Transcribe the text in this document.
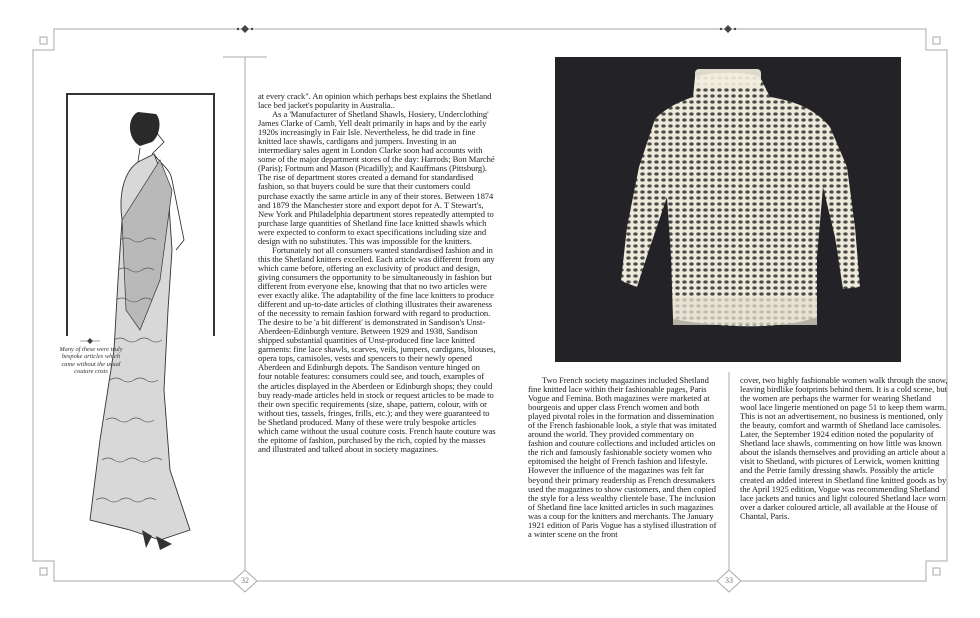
32	33
Many of these were truly bespoke articles which came without the usual couture costs

at every crack". An opinion which perhaps best explains the Shetland lace bed jacket's popularity in Australia..

As a 'Manufacturer of Shetland Shawls, Hosiery, Underclothing' James Clarke of Camb, Yell dealt primarily in haps and by the early 1920s increasingly in Fair Isle. Nevertheless, he did trade in fine knitted lace shawls, cardigans and jumpers. Investing in an intermediary sales agent in London Clarke soon had accounts with some of the major department stores of the day: Harrods; Bon Marché (Paris); Fortnum and Mason (Picadilly); and Kauffmans (Pittsburg). The rise of department stores created a demand for standardised fashion, so that buyers could be sure that their customers could purchase exactly the same article in any of their stores. Between 1874 and 1879 the Manchester store and export depot for A. T Stewart's, New York and Philadelphia department stores repeatedly attempted to purchase large quantities of Shetland fine lace knitted shawls which were expected to conform to exact specifications including size and design with no substitutes. This was impossible for the knitters.

Fortunately not all consumers wanted standardised fashion and in this the Shetland knitters excelled. Each article was different from any which came before, offering an exclusivity of product and design, giving consumers the opportunity to be simultaneously in fashion but different from everyone else, knowing that that no two articles were ever exactly alike. The adaptability of the fine lace knitters to produce different and up-to-date articles of clothing illustrates their awareness of the necessity to remain fashion forward with regard to production. The desire to be 'a bit different' is demonstrated in Sandison's Unst-Aberdeen-Edinburgh venture. Between 1929 and 1938, Sandison shipped substantial quantities of Unst-produced fine lace knitted garments: fine lace shawls, scarves, veils, jumpers, cardigans, blouses, opera tops, camisoles, vests and spencers to their newly opened Aberdeen and Edinburgh depots. The Sandison venture hinged on four notable features: consumers could see, and touch, examples of the articles displayed in the Aberdeen or Edinburgh shops; they could buy ready-made articles held in stock or request articles to be made to their own specific requirements (size, shape, pattern, colour, with or without ties, tassels, fringes, frills, etc.); and they were guaranteed to be Shetland produced. Many of these were truly bespoke articles which came without the usual couture costs. French haute couture was the epitome of fashion, purchased by the rich, copied by the masses and illustrated and talked about in society magazines.

Two French society magazines included Shetland fine knitted lace within their fashionable pages, Paris Vogue and Femina. Both magazines were marketed at bourgeois and upper class French women and both played pivotal roles in the formation and dissemination of the French fashionable look, a style that was imitated around the world. They provided commentary on fashion and couture collections and included articles on the rich and famously fashionable society women who epitomised the height of French fashion and lifestyle. However the influence of the magazines was felt far beyond their primary readership as French dressmakers used the magazines to show customers, and then copied the style for a less wealthy clientele base. The inclusion of Shetland fine lace knitted articles in such magazines was a coup for the knitters and merchants. The January 1921 edition of Paris Vogue has a stylised illustration of a winter scene on the front

cover, two highly fashionable women walk through the snow, leaving birdlike footprints behind them. It is a cold scene, but the women are perhaps the warmer for wearing Shetland wool lace lingerie mentioned on page 51 to keep them warm. This is not an advertisement, no business is mentioned, only the beauty, comfort and warmth of Shetland lace camisoles. Later, the September 1924 edition noted the popularity of Shetland lace shawls, commenting on how little was known about the islands themselves and providing an article about a visit to Shetland, with pictures of Lerwick, women knitting and the Petrie family dressing shawls. Possibly the article created an added interest in Shetland fine knitted goods as by the April 1925 edition, Vogue was recommending Shetland lace jackets and tunics and light coloured Shetland lace worn over a darker coloured article, all available at the House of Chantal, Paris.
